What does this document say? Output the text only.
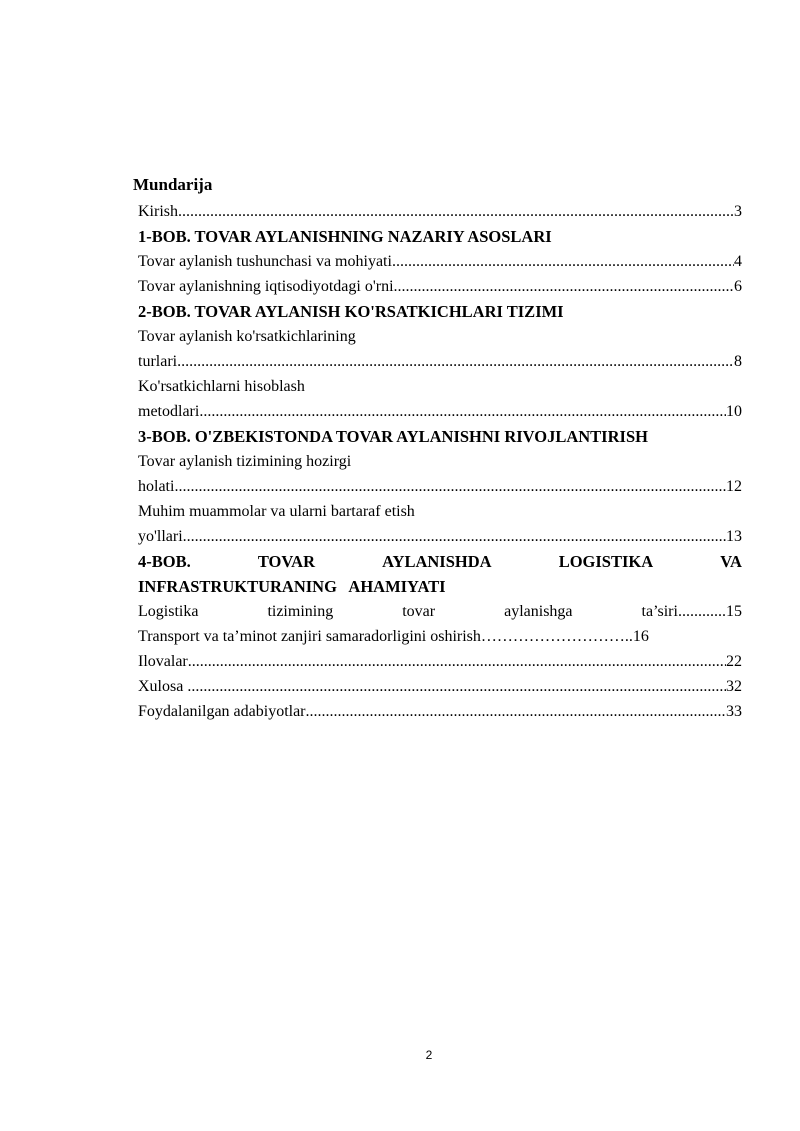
Mundarija
Kirish .....	3
1-BOB. TOVAR AYLANISHNING NAZARIY ASOSLARI
Tovar aylanish tushunchasi va mohiyati .....	4
Tovar aylanishning iqtisodiyotdagi o'rni .....	6
2-BOB. TOVAR AYLANISH KO'RSATKICHLARI TIZIMI
Tovar aylanish ko'rsatkichlarining
turlari .....	8
Ko'rsatkichlarni hisoblash
metodlari .....	10
3-BOB. O'ZBEKISTONDA TOVAR AYLANISHNI RIVOJLANTIRISH
Tovar aylanish tizimining hozirgi
holati .....	12
Muhim muammolar va ularni bartaraf etish
yo'llari .....	13
4-BOB.	TOVAR	AYLANISHDA	LOGISTIKA	VA
INFRASTRUKTURANING   AHAMIYATI
Logistika	tizimining	tovar	aylanishga	ta’siri............15
Transport va ta’minot zanjiri samaradorligini oshirish………………………..16
Ilovalar .....	22
Xulosa .....	32
Foydalanilgan adabiyotlar .....	33
2
